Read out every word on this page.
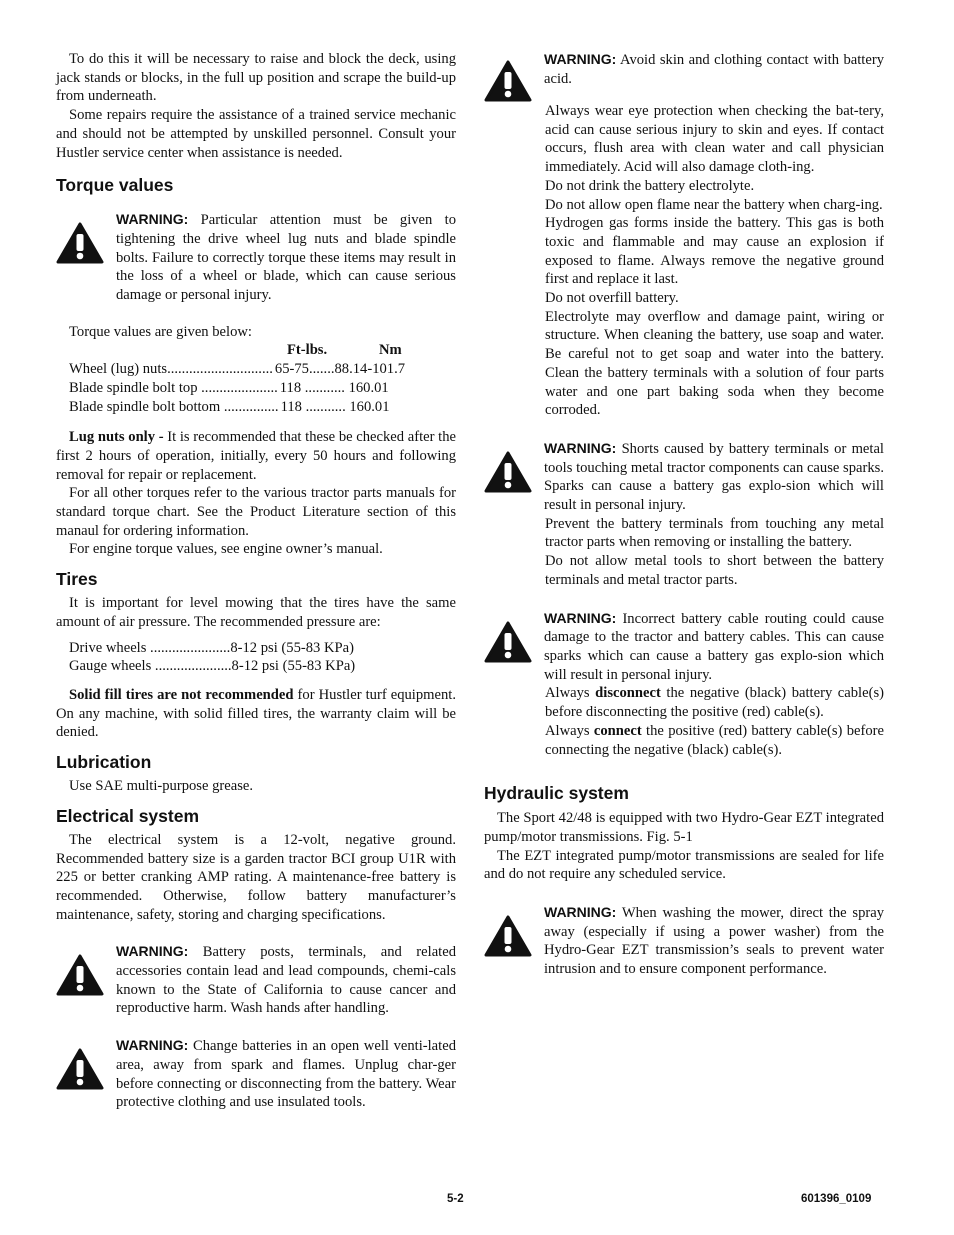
To do this it will be necessary to raise and block the deck, using jack stands or blocks, in the full up position and scrape the build-up from underneath.

Some repairs require the assistance of a trained service mechanic and should not be attempted by unskilled personnel. Consult your Hustler service center when assistance is needed.

Torque values

WARNING: Particular attention must be given to tightening the drive wheel lug nuts and blade spindle bolts. Failure to correctly torque these items may result in the loss of a wheel or blade, which can cause serious damage or personal injury.

Torque values are given below:
Ft-lbs.	Nm
Wheel (lug) nuts ............................. 65-75 ....... 88.14-101.7
Blade spindle bolt top ..................... 118 ........... 160.01
Blade spindle bolt bottom ............... 118 ........... 160.01

Lug nuts only - It is recommended that these be checked after the first 2 hours of operation, initially, every 50 hours and following removal for repair or replacement.

For all other torques refer to the various tractor parts manuals for standard torque chart. See the Product Literature section of this manaul for ordering information.

For engine torque values, see engine owner’s manual.

Tires

It is important for level mowing that the tires have the same amount of air pressure. The recommended pressure are:

Drive wheels ...................... 8-12 psi (55-83 KPa)
Gauge wheels ..................... 8-12 psi (55-83 KPa)

Solid fill tires are not recommended for Hustler turf equipment. On any machine, with solid filled tires, the warranty claim will be denied.

Lubrication

Use SAE multi-purpose grease.

Electrical system

The electrical system is a 12-volt, negative ground. Recommended battery size is a garden tractor BCI group U1R with 225 or better cranking AMP rating. A maintenance-free battery is recommended. Otherwise, follow battery manufacturer’s maintenance, safety, storing and charging specifications.

WARNING: Battery posts, terminals, and related accessories contain lead and lead compounds, chemi-cals known to the State of California to cause cancer and reproductive harm. Wash hands after handling.

WARNING: Change batteries in an open well venti-lated area, away from spark and flames. Unplug char-ger before connecting or disconnecting from the battery. Wear protective clothing and use insulated tools.

WARNING: Avoid skin and clothing contact with battery acid.

Always wear eye protection when checking the bat-tery, acid can cause serious injury to skin and eyes. If contact occurs, flush area with clean water and call physician immediately. Acid will also damage cloth-ing.

Do not drink the battery electrolyte.

Do not allow open flame near the battery when charg-ing.

Hydrogen gas forms inside the battery. This gas is both toxic and flammable and may cause an explosion if exposed to flame. Always remove the negative ground first and replace it last.

Do not overfill battery.

Electrolyte may overflow and damage paint, wiring or structure. When cleaning the battery, use soap and water. Be careful not to get soap and water into the battery. Clean the battery terminals with a solution of four parts water and one part baking soda when they become corroded.

WARNING: Shorts caused by battery terminals or metal tools touching metal tractor components can cause sparks. Sparks can cause a battery gas explo-sion which will result in personal injury.

Prevent the battery terminals from touching any metal tractor parts when removing or installing the battery.

Do not allow metal tools to short between the battery terminals and metal tractor parts.

WARNING: Incorrect battery cable routing could cause damage to the tractor and battery cables. This can cause sparks which can cause a battery gas explo-sion which will result in personal injury.

Always disconnect the negative (black) battery cable(s) before disconnecting the positive (red) cable(s).

Always connect the positive (red) battery cable(s) before connecting the negative (black) cable(s).

Hydraulic system

The Sport 42/48 is equipped with two Hydro-Gear EZT integrated pump/motor transmissions. Fig. 5-1

The EZT integrated pump/motor transmissions are sealed for life and do not require any scheduled service.

WARNING: When washing the mower, direct the spray away (especially if using a power washer) from the Hydro-Gear EZT transmission’s seals to prevent water intrusion and to ensure component performance.

5-2	601396_0109
